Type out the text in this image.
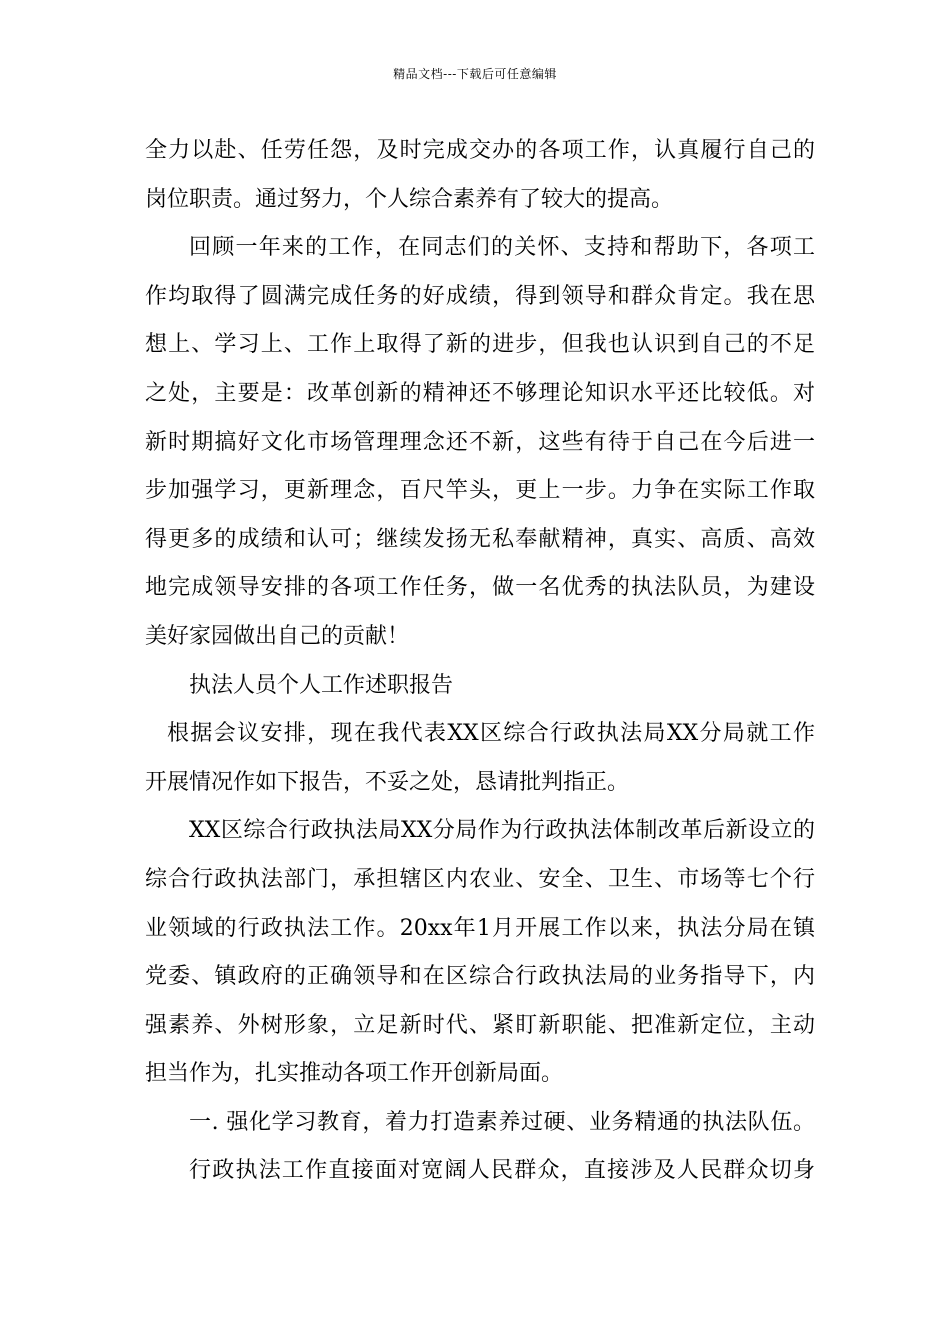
精品文档---下载后可任意编辑
全力以赴、任劳任怨，及时完成交办的各项工作，认真履行自己的
岗位职责。通过努力，个人综合素养有了较大的提高。
回顾一年来的工作，在同志们的关怀、支持和帮助下，各项工
作均取得了圆满完成任务的好成绩，得到领导和群众肯定。我在思
想上、学习上、工作上取得了新的进步，但我也认识到自己的不足
之处，主要是：改革创新的精神还不够理论知识水平还比较低。对
新时期搞好文化市场管理理念还不新，这些有待于自己在今后进一
步加强学习，更新理念，百尺竿头，更上一步。力争在实际工作取
得更多的成绩和认可；继续发扬无私奉献精神，真实、高质、高效
地完成领导安排的各项工作任务，做一名优秀的执法队员，为建设
美好家园做出自己的贡献！
执法人员个人工作述职报告
根据会议安排，现在我代表XX区综合行政执法局XX分局就工作
开展情况作如下报告，不妥之处，恳请批判指正。
XX区综合行政执法局XX分局作为行政执法体制改革后新设立的
综合行政执法部门，承担辖区内农业、安全、卫生、市场等七个行
业领域的行政执法工作。20xx年1月开展工作以来，执法分局在镇
党委、镇政府的正确领导和在区综合行政执法局的业务指导下，内
强素养、外树形象，立足新时代、紧盯新职能、把准新定位，主动
担当作为，扎实推动各项工作开创新局面。
一. 强化学习教育，着力打造素养过硬、业务精通的执法队伍。
行政执法工作直接面对宽阔人民群众，直接涉及人民群众切身
